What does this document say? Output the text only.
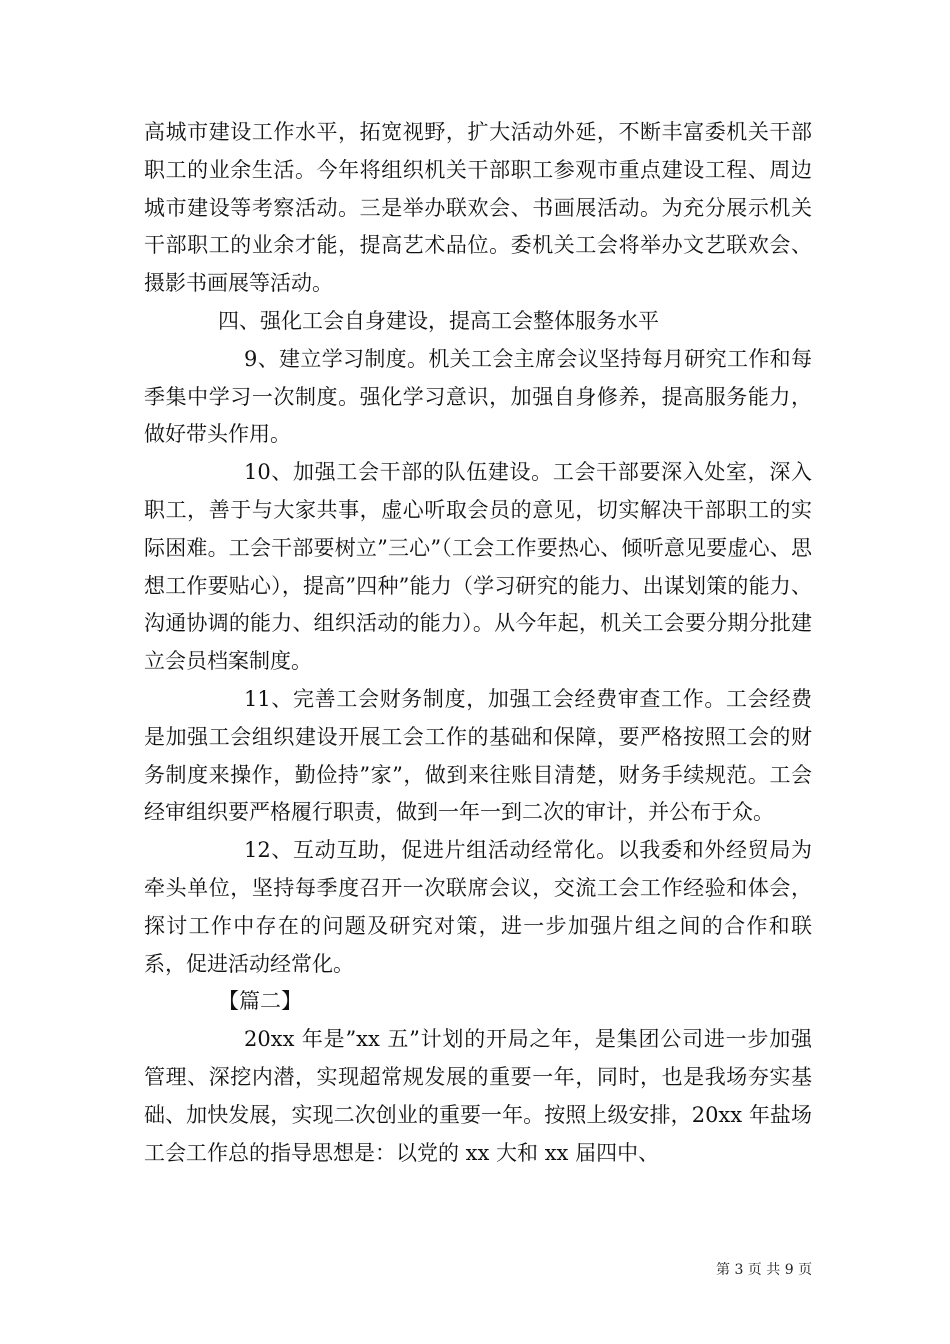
高城市建设工作水平，拓宽视野，扩大活动外延，不断丰富委机关干部职工的业余生活。今年将组织机关干部职工参观市重点建设工程、周边城市建设等考察活动。三是举办联欢会、书画展活动。为充分展示机关干部职工的业余才能，提高艺术品位。委机关工会将举办文艺联欢会、摄影书画展等活动。

四、强化工会自身建设，提高工会整体服务水平

9、建立学习制度。机关工会主席会议坚持每月研究工作和每季集中学习一次制度。强化学习意识，加强自身修养，提高服务能力，做好带头作用。

10、加强工会干部的队伍建设。工会干部要深入处室，深入职工，善于与大家共事，虚心听取会员的意见，切实解决干部职工的实际困难。工会干部要树立”三心”（工会工作要热心、倾听意见要虚心、思想工作要贴心），提高”四种”能力（学习研究的能力、出谋划策的能力、沟通协调的能力、组织活动的能力）。从今年起，机关工会要分期分批建立会员档案制度。

11、完善工会财务制度，加强工会经费审查工作。工会经费是加强工会组织建设开展工会工作的基础和保障，要严格按照工会的财务制度来操作，勤俭持”家”，做到来往账目清楚，财务手续规范。工会经审组织要严格履行职责，做到一年一到二次的审计，并公布于众。

12、互动互助，促进片组活动经常化。以我委和外经贸局为牵头单位，坚持每季度召开一次联席会议，交流工会工作经验和体会，探讨工作中存在的问题及研究对策，进一步加强片组之间的合作和联系，促进活动经常化。

【篇二】

20xx 年是”xx 五”计划的开局之年，是集团公司进一步加强管理、深挖内潜，实现超常规发展的重要一年，同时，也是我场夯实基础、加快发展，实现二次创业的重要一年。按照上级安排，20xx 年盐场工会工作总的指导思想是：以党的 xx 大和 xx 届四中、

第 3 页 共 9 页
